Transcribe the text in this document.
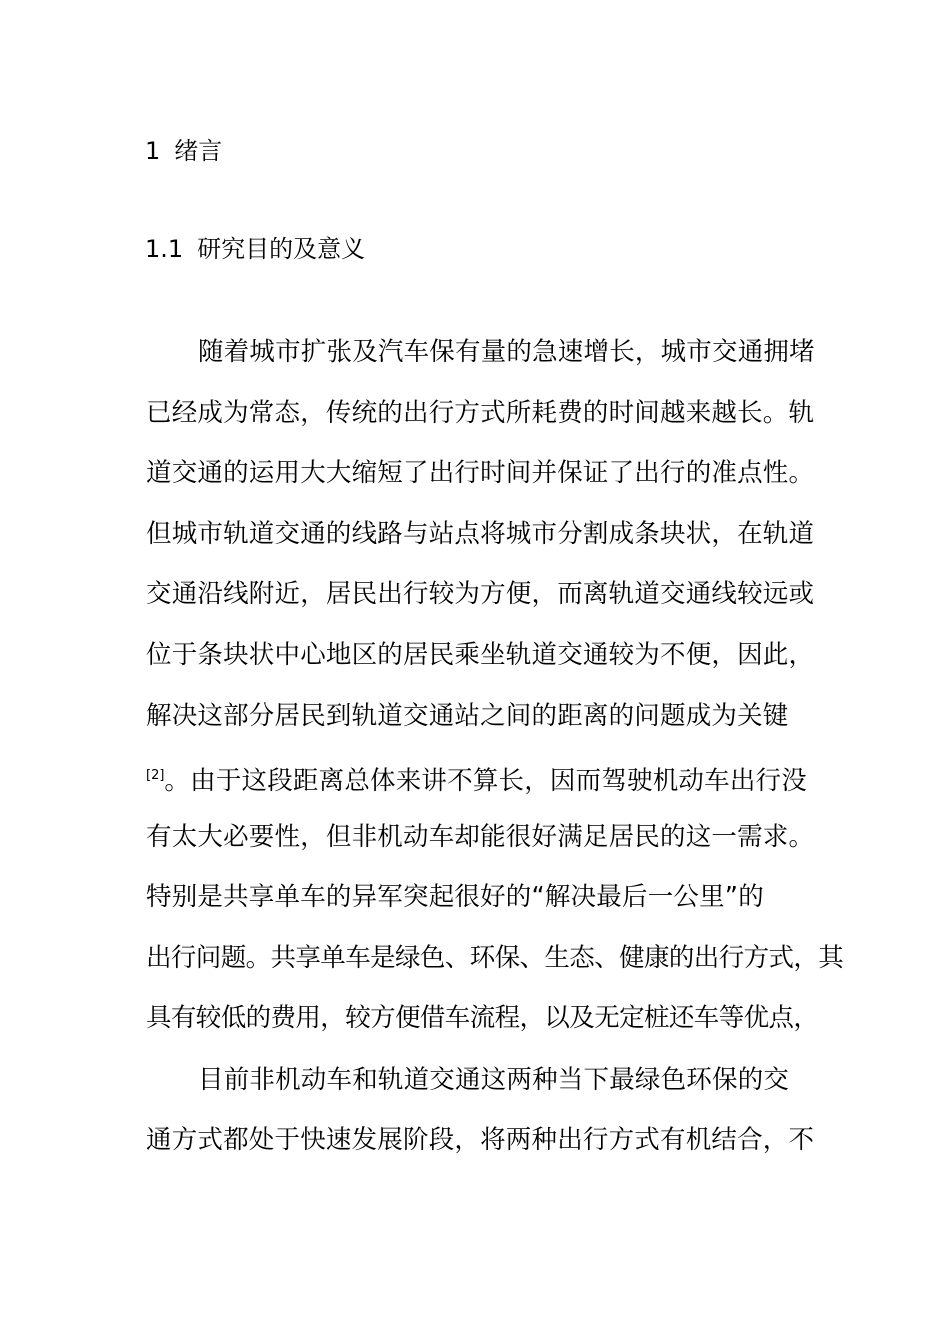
1 绪言
1.1 研究目的及意义
随着城市扩张及汽车保有量的急速增长，城市交通拥堵
已经成为常态，传统的出行方式所耗费的时间越来越长。轨
道交通的运用大大缩短了出行时间并保证了出行的准点性。
但城市轨道交通的线路与站点将城市分割成条块状，在轨道
交通沿线附近，居民出行较为方便，而离轨道交通线较远或
位于条块状中心地区的居民乘坐轨道交通较为不便，因此，
解决这部分居民到轨道交通站之间的距离的问题成为关键
[2]。由于这段距离总体来讲不算长，因而驾驶机动车出行没
有太大必要性，但非机动车却能很好满足居民的这一需求。
特别是共享单车的异军突起很好的“解决最后一公里”的
出行问题。共享单车是绿色、环保、生态、健康的出行方式，其
具有较低的费用，较方便借车流程，以及无定桩还车等优点，
目前非机动车和轨道交通这两种当下最绿色环保的交
通方式都处于快速发展阶段，将两种出行方式有机结合，不
